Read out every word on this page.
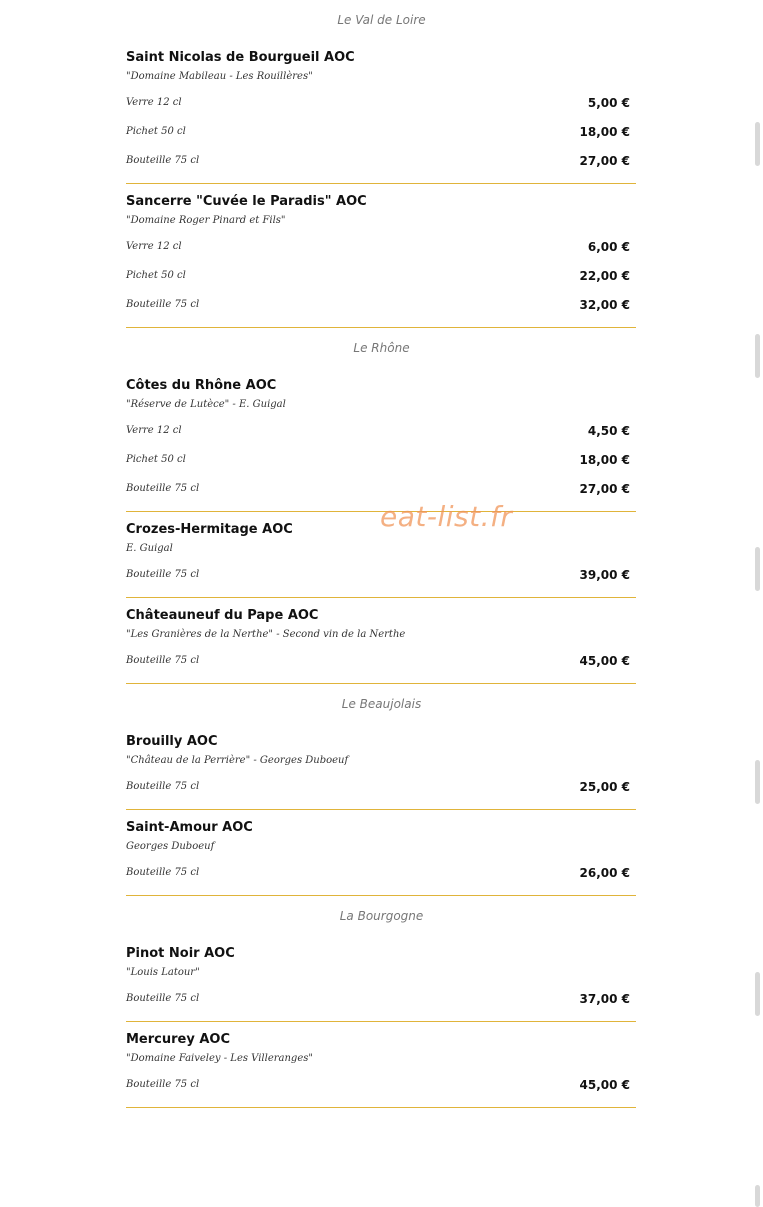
Le Val de Loire
Saint Nicolas de Bourgueil AOC
"Domaine Mabileau - Les Rouillères"
Verre 12 cl	5,00 €
Pichet 50 cl	18,00 €
Bouteille 75 cl	27,00 €
Sancerre "Cuvée le Paradis" AOC
"Domaine Roger Pinard et Fils"
Verre 12 cl	6,00 €
Pichet 50 cl	22,00 €
Bouteille 75 cl	32,00 €
Le Rhône
Côtes du Rhône AOC
"Réserve de Lutèce" - E. Guigal
Verre 12 cl	4,50 €
Pichet 50 cl	18,00 €
Bouteille 75 cl	27,00 €
Crozes-Hermitage AOC
E. Guigal
Bouteille 75 cl	39,00 €
Châteauneuf du Pape AOC
"Les Granières de la Nerthe" - Second vin de la Nerthe
Bouteille 75 cl	45,00 €
Le Beaujolais
Brouilly AOC
"Château de la Perrière" - Georges Duboeuf
Bouteille 75 cl	25,00 €
Saint-Amour AOC
Georges Duboeuf
Bouteille 75 cl	26,00 €
La Bourgogne
Pinot Noir AOC
"Louis Latour"
Bouteille 75 cl	37,00 €
Mercurey AOC
"Domaine Faiveley - Les Villeranges"
Bouteille 75 cl	45,00 €
eat-list.fr
